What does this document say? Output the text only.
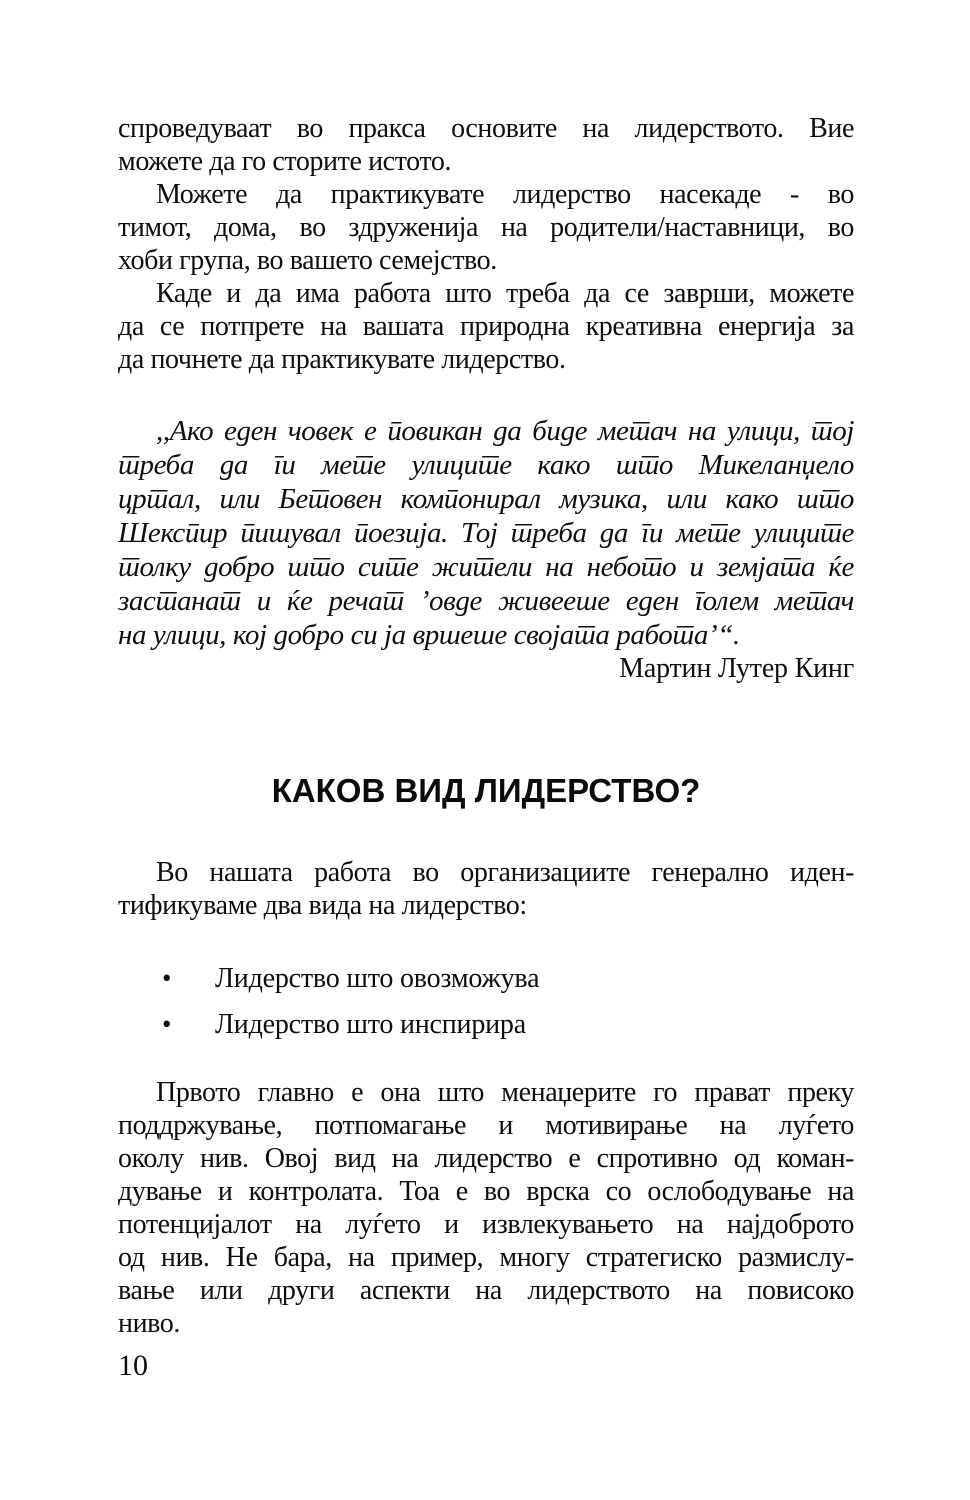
спроведуваат во пракса основите на лидерството. Вие
можете да го сторите истото.
Можете да практикувате лидерство насекаде - во
тимот, дома, во здруженија на родители/наставници, во
хоби група, во вашето семејство.
Каде и да има работа што треба да се заврши, можете
да се потпрете на вашата природна креативна енергија за
да почнете да практикувате лидерство.
,,Ако еден човек е повикан да биде метач на улици, тој
треба да ги мете улиците како што Микеланџело
цртал, или Бетовен компонирал музика, или како што
Шекспир пишувал поезија. Тој треба да ги мете улиците
толку добро што сите жители на небото и земјата ќе
застанат и ќе речат ’овде живееше еден голем метач
на улици, кој добро си ја вршеше својата работа’“.
Мартин Лутер Кинг
КАКОВ ВИД ЛИДЕРСТВО?
Во нашата работа во организациите генерално иден-
тификуваме два вида на лидерство:
• Лидерство што овозможува
• Лидерство што инспирира
Првото главно е она што менаџерите го прават преку
поддржување, потпомагање и мотивирање на луѓето
околу нив. Овој вид на лидерство е спротивно од коман-
дување и контролата. Тоа е во врска со ослободување на
потенцијалот на луѓето и извлекувањето на најдоброто
од нив. Не бара, на пример, многу стратегиско размислу-
вање или други аспекти на лидерството на повисоко
ниво.
10
